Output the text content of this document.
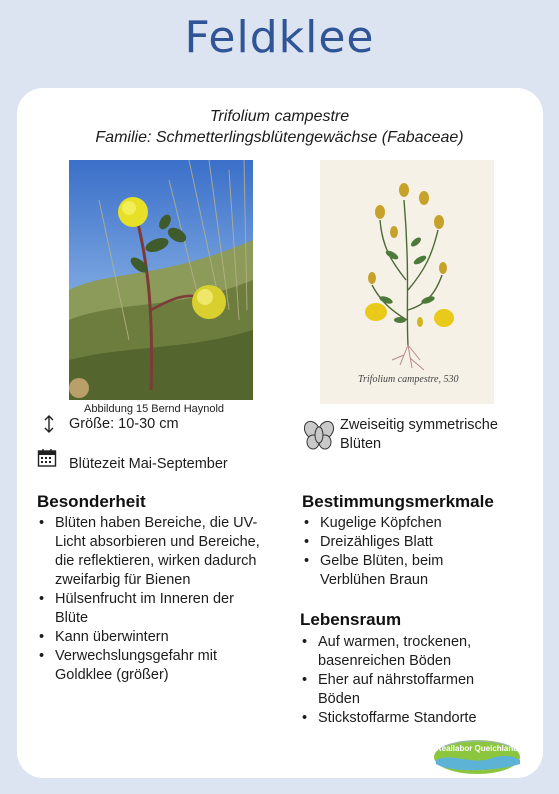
Feldklee
Trifolium campestre
Familie: Schmetterlingsblütengewächse (Fabaceae)
Trifolium campestre, 530
Abbildung 15 Bernd Haynold
Größe: 10-30 cm	Zweiseitig symmetrische Blüten
Blütezeit Mai-September
Besonderheit
• Blüten haben Bereiche, die UV-Licht absorbieren und Bereiche, die reflektieren, wirken dadurch zweifarbig für Bienen
• Hülsenfrucht im Inneren der Blüte
• Kann überwintern
• Verwechslungsgefahr mit Goldklee (größer)
Bestimmungsmerkmale
• Kugelige Köpfchen
• Dreizähliges Blatt
• Gelbe Blüten, beim Verblühen Braun
Lebensraum
• Auf warmen, trockenen, basenreichen Böden
• Eher auf nährstoffarmen Böden
• Stickstoffarme Standorte
Reallabor Queichland
